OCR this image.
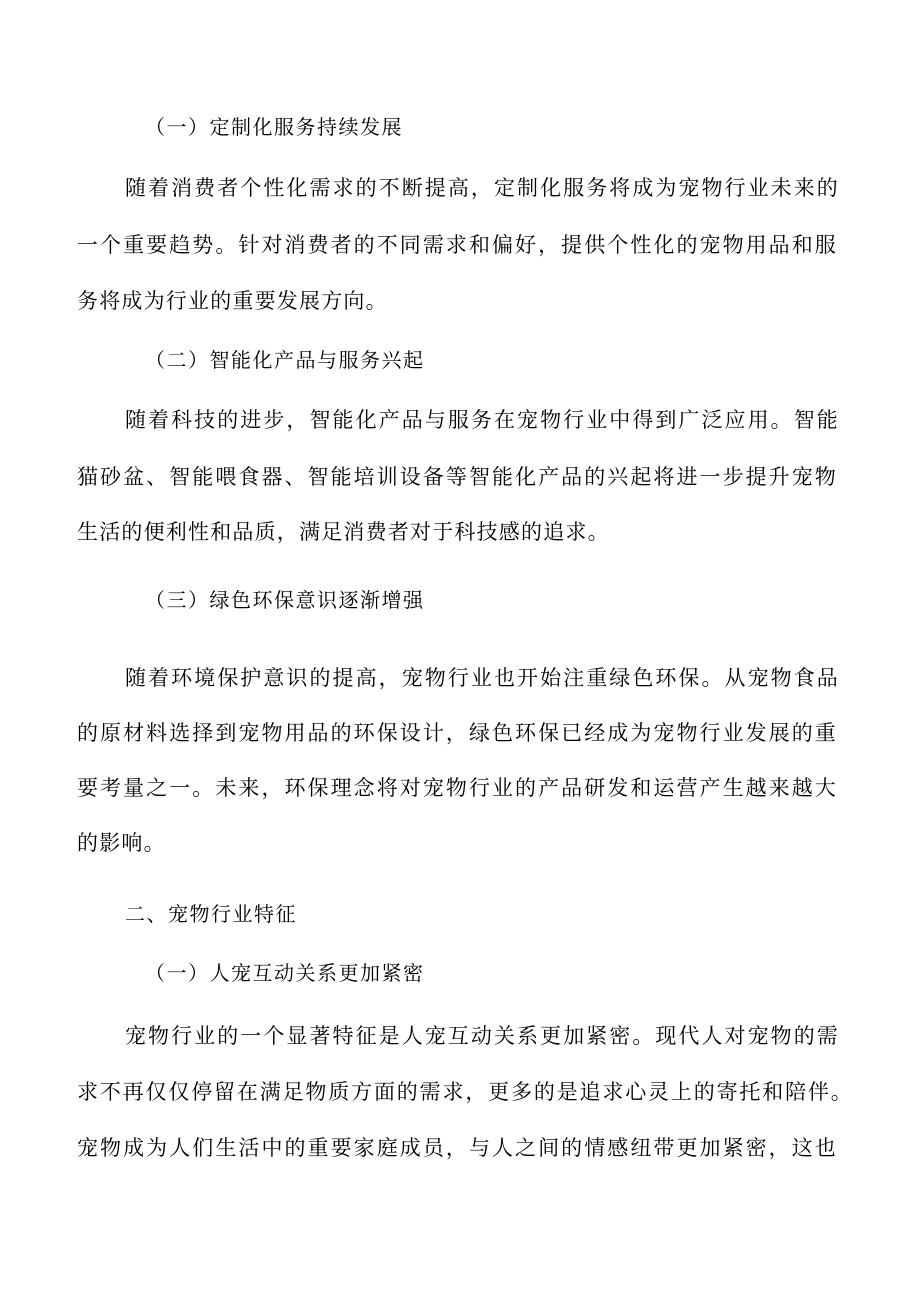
（一）定制化服务持续发展

随着消费者个性化需求的不断提高，定制化服务将成为宠物行业未来的

一个重要趋势。针对消费者的不同需求和偏好，提供个性化的宠物用品和服

务将成为行业的重要发展方向。

（二）智能化产品与服务兴起

随着科技的进步，智能化产品与服务在宠物行业中得到广泛应用。智能

猫砂盆、智能喂食器、智能培训设备等智能化产品的兴起将进一步提升宠物

生活的便利性和品质，满足消费者对于科技感的追求。

（三）绿色环保意识逐渐增强

随着环境保护意识的提高，宠物行业也开始注重绿色环保。从宠物食品

的原材料选择到宠物用品的环保设计，绿色环保已经成为宠物行业发展的重

要考量之一。未来，环保理念将对宠物行业的产品研发和运营产生越来越大

的影响。

二、宠物行业特征

（一）人宠互动关系更加紧密

宠物行业的一个显著特征是人宠互动关系更加紧密。现代人对宠物的需

求不再仅仅停留在满足物质方面的需求，更多的是追求心灵上的寄托和陪伴。

宠物成为人们生活中的重要家庭成员，与人之间的情感纽带更加紧密，这也
